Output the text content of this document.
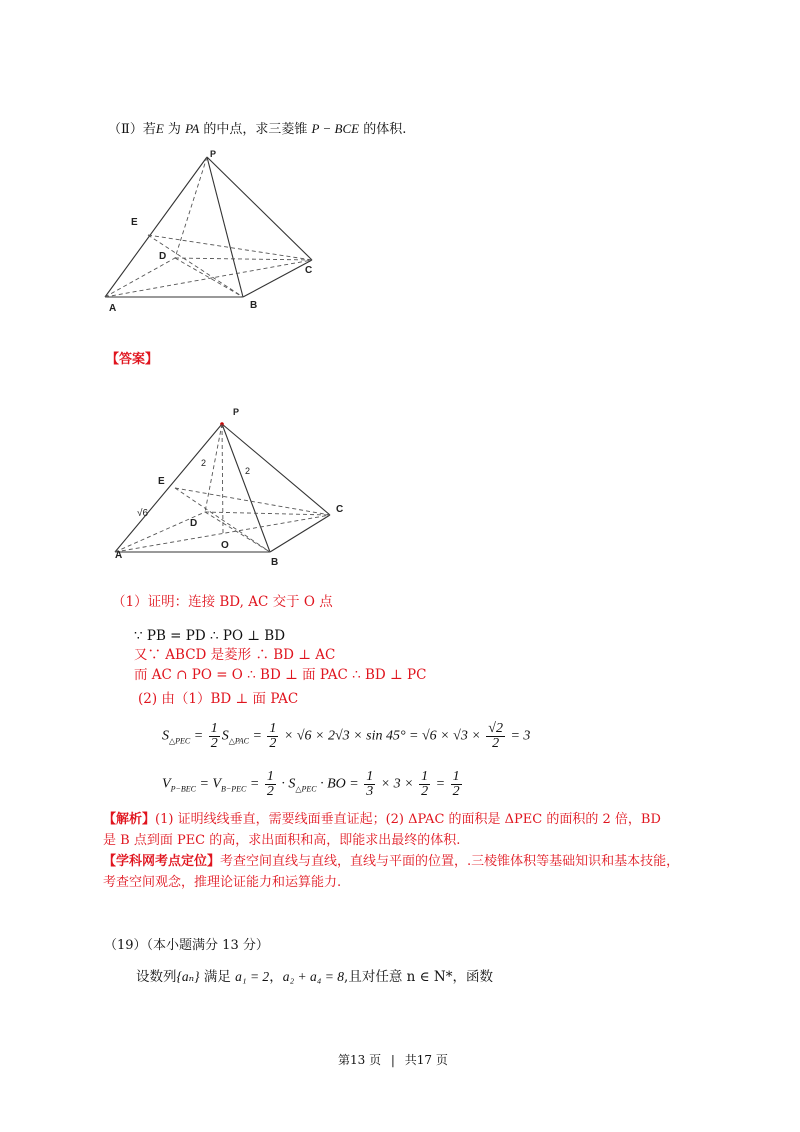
（Ⅱ）若E 为 PA 的中点，求三菱锥 P − BCE 的体积.
P
E
D
C
A	B
【答案】
P
E
D
O
C
A
B
2
2
√6
（1）证明：连接 BD, AC 交于 O 点
∵ PB = PD ∴ PO ⊥ BD
又∵ ABCD 是菱形 ∴ BD ⊥ AC
而 AC ∩ PO = O ∴ BD ⊥ 面 PAC ∴ BD ⊥ PC
(2) 由（1）BD ⊥ 面 PAC
$S_{\triangle PEC} = \frac{1}{2} S_{\triangle PAC} = \frac{1}{2} \times √6 \times 2√3 \times \sin 45^\circ = √6 \times √3 \times \frac{√2}{2} = 3$
$V_{P-BEC} = V_{B-PEC} = \frac{1}{2} \cdot S_{\triangle PEC}$ · BO = $\frac{1}{3} \times 3 \times \frac{1}{2} = \frac{1}{2}$
【解析】(1) 证明线线垂直，需要线面垂直证起；(2) ΔPAC 的面积是 ΔPEC 的面积的 2 倍，BD
是 B 点到面 PEC 的高，求出面积和高，即能求出最终的体积.
【学科网考点定位】考查空间直线与直线，直线与平面的位置，.三棱锥体积等基础知识和基本技能，
考查空间观念，推理论证能力和运算能力.
（19）（本小题满分 13 分）
设数列{aₙ} 满足 a₁ = 2，a₂ + a₄ = 8,且对任意 n ∈ N*，函数
第13 页 | 共17 页
